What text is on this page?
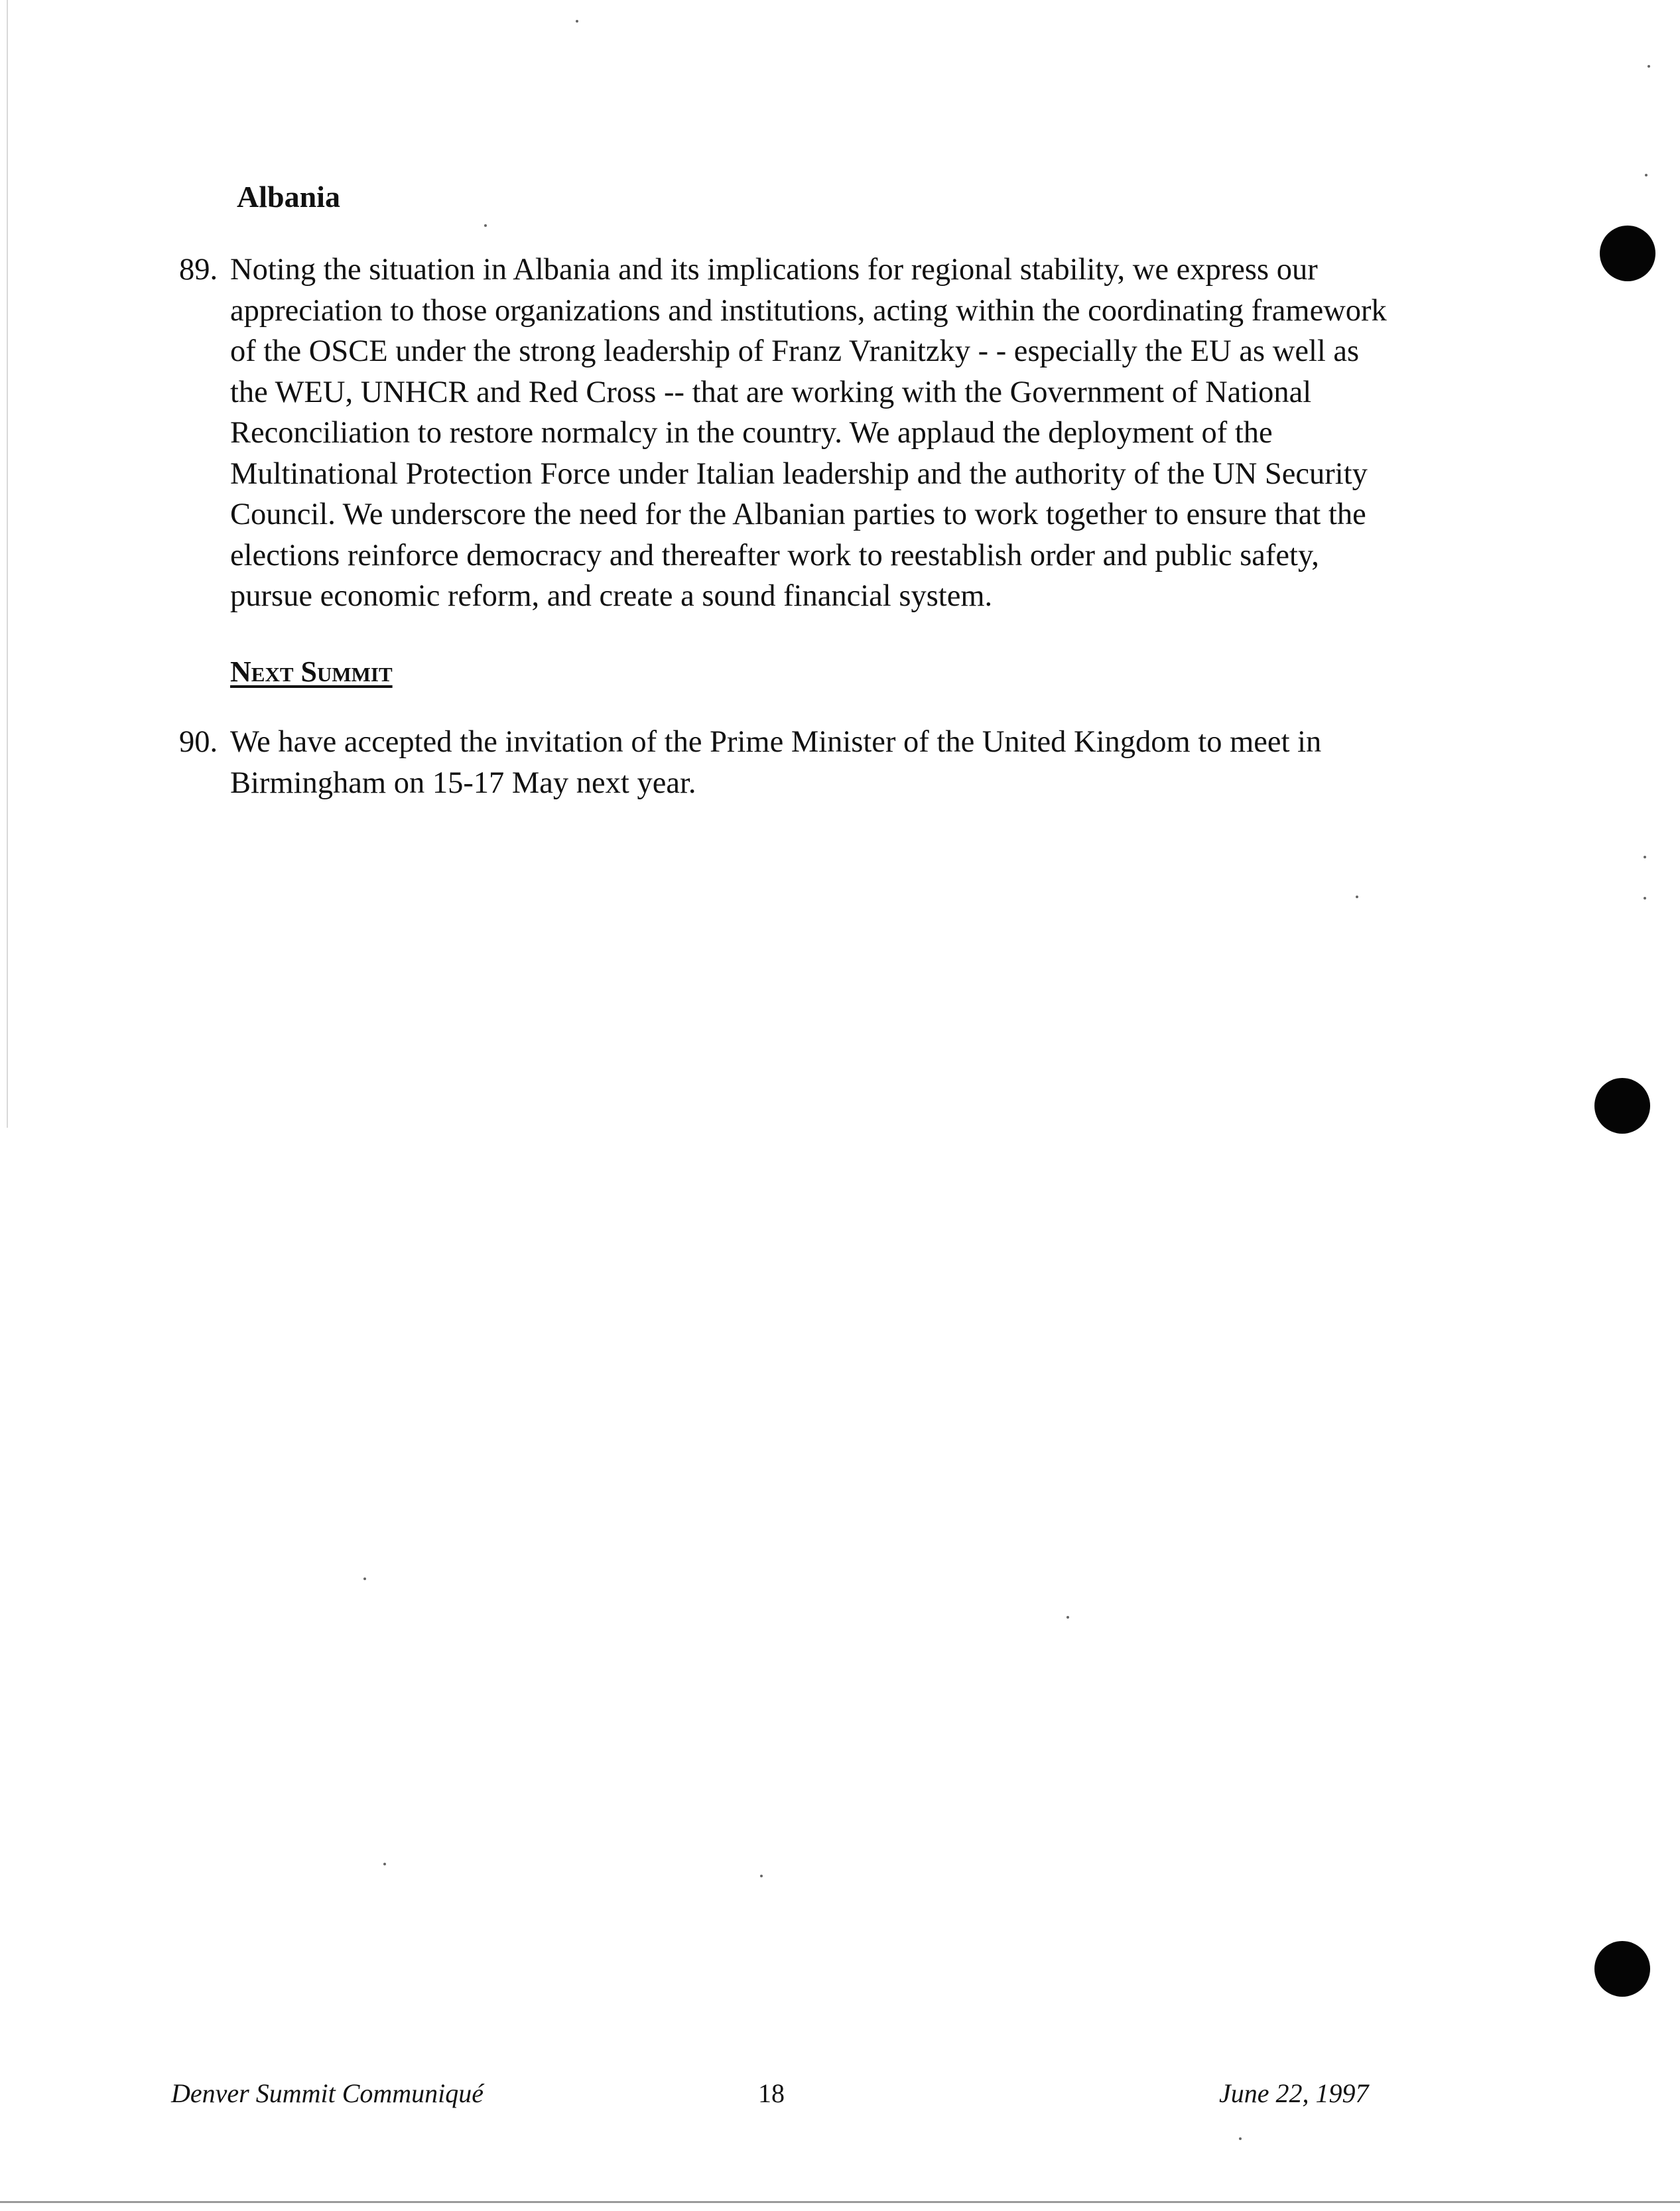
Albania
89. Noting the situation in Albania and its implications for regional stability, we express our
appreciation to those organizations and institutions, acting within the coordinating framework
of the OSCE under the strong leadership of Franz Vranitzky - - especially the EU as well as
the WEU, UNHCR and Red Cross -- that are working with the Government of National
Reconciliation to restore normalcy in the country. We applaud the deployment of the
Multinational Protection Force under Italian leadership and the authority of the UN Security
Council. We underscore the need for the Albanian parties to work together to ensure that the
elections reinforce democracy and thereafter work to reestablish order and public safety,
pursue economic reform, and create a sound financial system.
Next Summit
90. We have accepted the invitation of the Prime Minister of the United Kingdom to meet in
Birmingham on 15-17 May next year.
Denver Summit Communiqué	18	June 22, 1997
